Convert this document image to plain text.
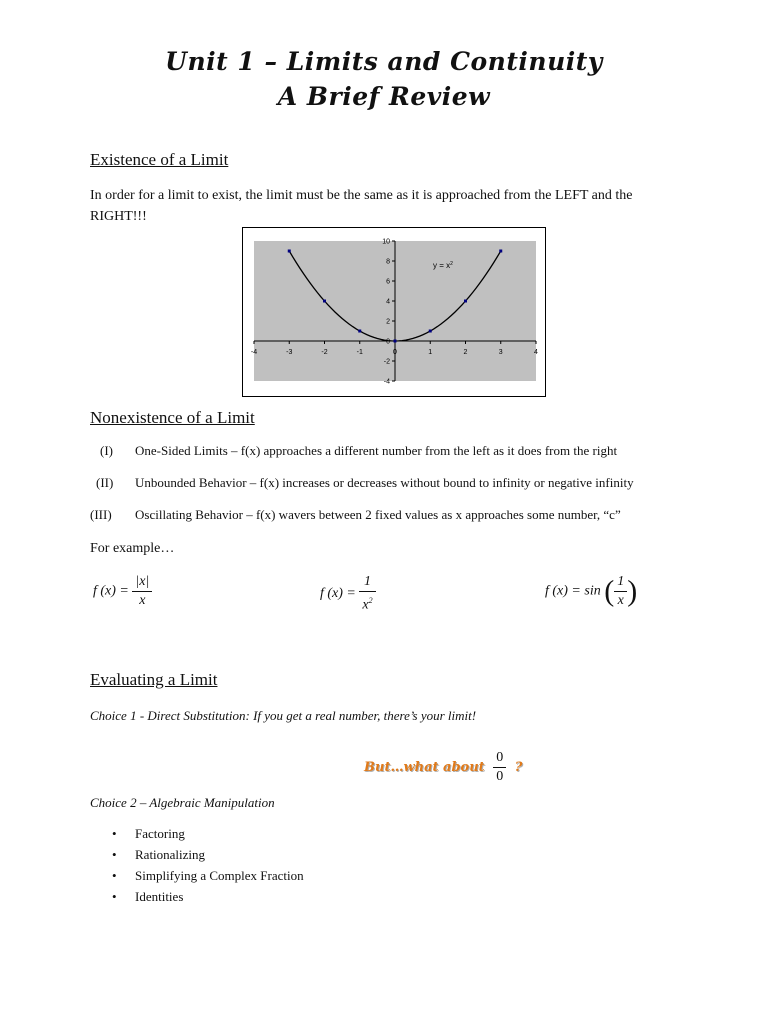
Unit 1 – Limits and Continuity
A Brief Review
Existence of a Limit
In order for a limit to exist, the limit must be the same as it is approached from the LEFT and the RIGHT!!!
-4	-3	-2	-1	0	1	2	3	4
10
8
6
4
2
0
-2
-4
$y = x^2$
Nonexistence of a Limit
(I) One-Sided Limits – f(x) approaches a different number from the left as it does from the right
(II) Unbounded Behavior – f(x) increases or decreases without bound to infinity or negative infinity
(III) Oscillating Behavior – f(x) wavers between 2 fixed values as x approaches some number, “c”
For example…
f $(x) = \frac{|x|}{x}$	f $(x) = \frac{1}{x^2}$	f (x) = sin ( $\frac{1}{x}$ )
Evaluating a Limit
Choice 1 - Direct Substitution: If you get a real number, there’s your limit!
But…what about $\frac{0}{0}$ ?
Choice 2 – Algebraic Manipulation
• Factoring
• Rationalizing
• Simplifying a Complex Fraction
• Identities
